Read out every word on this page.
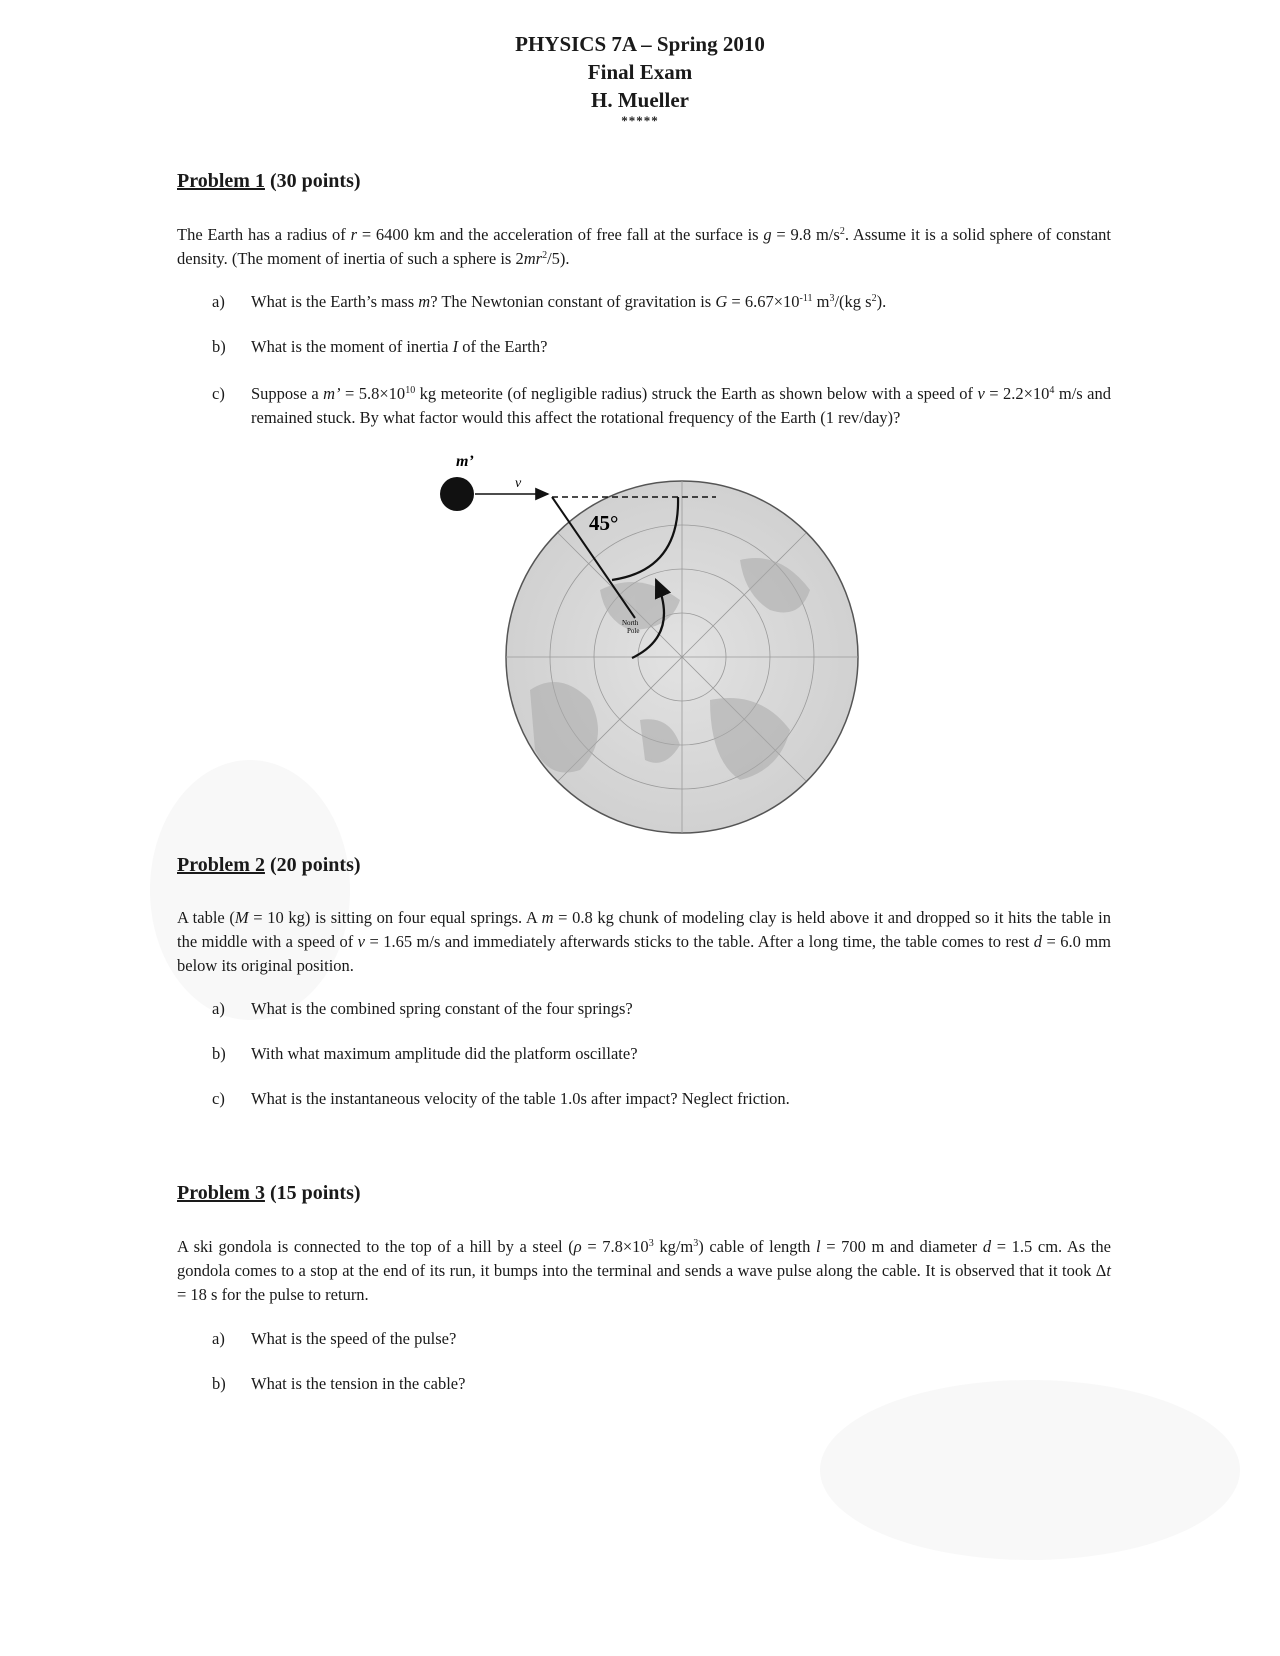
PHYSICS 7A – Spring 2010
Final Exam
H. Mueller
*****
Problem 1 (30 points)
The Earth has a radius of r = 6400 km and the acceleration of free fall at the surface is g = 9.8 $m/s^2$. Assume it is a solid sphere of constant density. (The moment of inertia of such a sphere is $2mr^2/5$).
a)	What is the Earth’s mass m? The Newtonian constant of gravitation is $G = 6.67\times 10^{-11}$ $m^3/(kg$ $s^2$).
b)	What is the moment of inertia I of the Earth?
c)	Suppose a m’ = $5.8\times 10^{10}$ kg meteorite (of negligible radius) struck the Earth as shown below with a speed of $v = 2.2\times 10^4$ m/s and remained stuck. By what factor would this affect the rotational frequency of the Earth (1 rev/day)?
m’
v
45°
North
Pole
Problem 2 (20 points)
A table (M = 10 kg) is sitting on four equal springs. A m = 0.8 kg chunk of modeling clay is held above it and dropped so it hits the table in the middle with a speed of v = 1.65 m/s and immediately afterwards sticks to the table. After a long time, the table comes to rest d = 6.0 mm below its original position.
a)	What is the combined spring constant of the four springs?
b)	With what maximum amplitude did the platform oscillate?
c)	What is the instantaneous velocity of the table 1.0s after impact? Neglect friction.
Problem 3 (15 points)
A ski gondola is connected to the top of a hill by a steel ($\rho = 7.8\times 10^3$ $kg/m^3$) cable of length l = 700 m and diameter d = 1.5 cm. As the gondola comes to a stop at the end of its run, it bumps into the terminal and sends a wave pulse along the cable. It is observed that it took Δt = 18 s for the pulse to return.
a)	What is the speed of the pulse?
b)	What is the tension in the cable?
